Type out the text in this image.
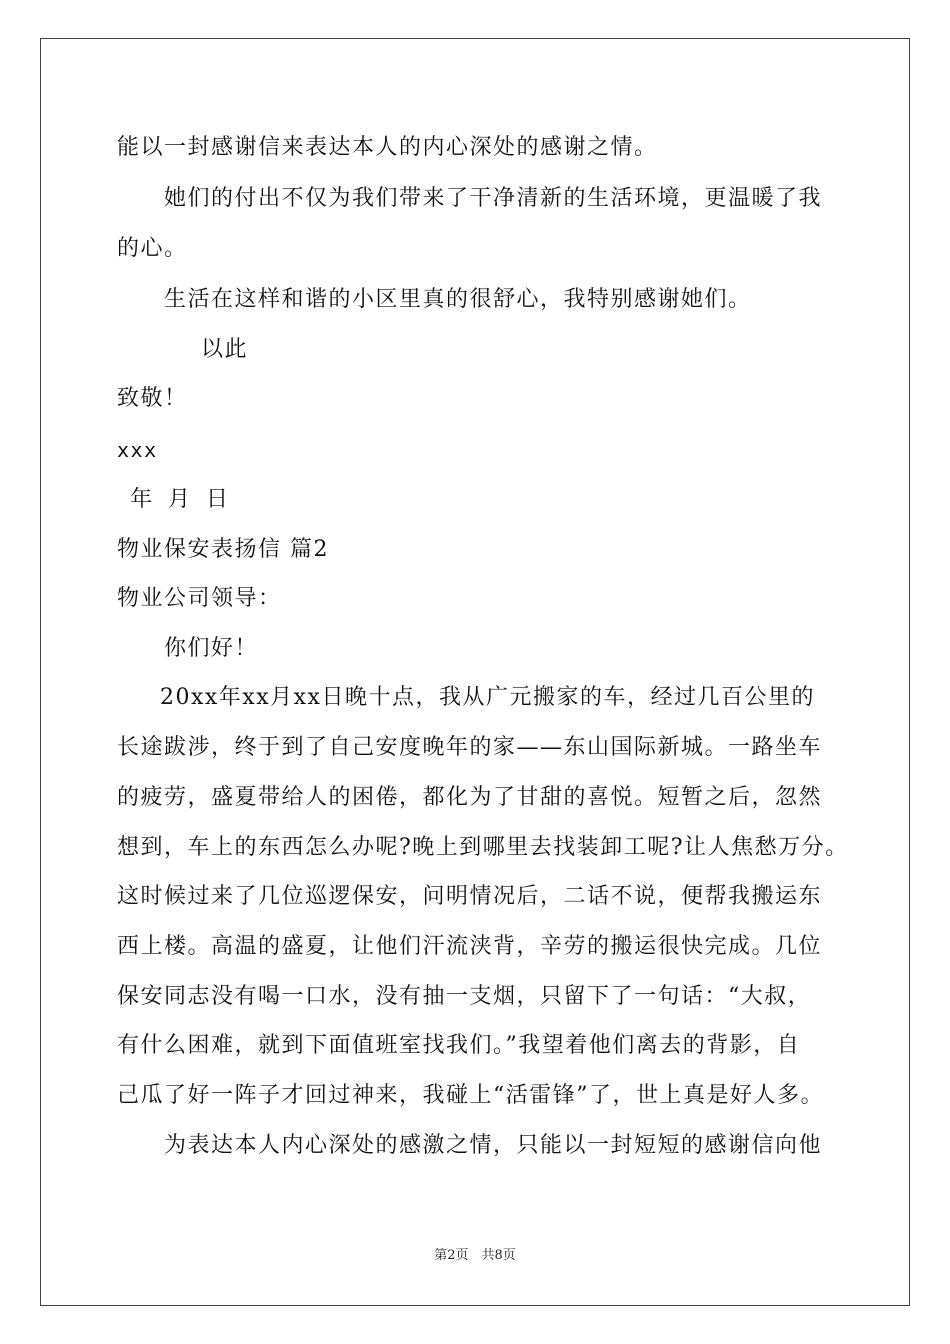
能以一封感谢信来表达本人的内心深处的感谢之情。
她们的付出不仅为我们带来了干净清新的生活环境，更温暖了我
的心。
生活在这样和谐的小区里真的很舒心，我特别感谢她们。
以此
致敬！
xxx
年 月 日
物业保安表扬信 篇2
物业公司领导：
你们好！
20xx年xx月xx日晚十点，我从广元搬家的车，经过几百公里的
长途跋涉，终于到了自己安度晚年的家——东山国际新城。一路坐车
的疲劳，盛夏带给人的困倦，都化为了甘甜的喜悦。短暂之后，忽然
想到，车上的东西怎么办呢?晚上到哪里去找装卸工呢?让人焦愁万分。
这时候过来了几位巡逻保安，问明情况后，二话不说，便帮我搬运东
西上楼。高温的盛夏，让他们汗流浃背，辛劳的搬运很快完成。几位
保安同志没有喝一口水，没有抽一支烟，只留下了一句话：“大叔，
有什么困难，就到下面值班室找我们。”我望着他们离去的背影，自
己瓜了好一阵子才回过神来，我碰上“活雷锋”了，世上真是好人多。
为表达本人内心深处的感激之情，只能以一封短短的感谢信向他
第2页　共8页
